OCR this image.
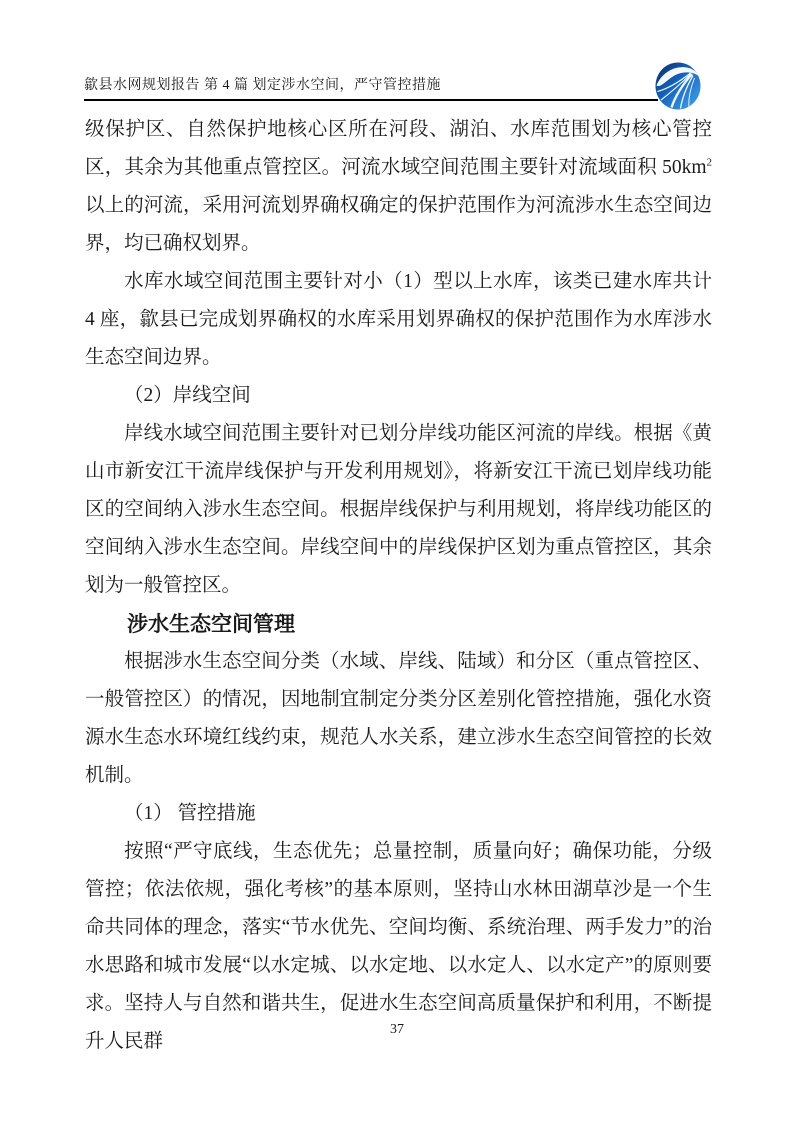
歙县水网规划报告 第 4 篇 划定涉水空间，严守管控措施

级保护区、自然保护地核心区所在河段、湖泊、水库范围划为核心管控区，其余为其他重点管控区。河流水域空间范围主要针对流域面积 $50km^2$以上的河流，采用河流划界确权确定的保护范围作为河流涉水生态空间边界，均已确权划界。

水库水域空间范围主要针对小（1）型以上水库，该类已建水库共计 4 座，歙县已完成划界确权的水库采用划界确权的保护范围作为水库涉水生态空间边界。

（2）岸线空间

岸线水域空间范围主要针对已划分岸线功能区河流的岸线。根据《黄山市新安江干流岸线保护与开发利用规划》，将新安江干流已划岸线功能区的空间纳入涉水生态空间。根据岸线保护与利用规划，将岸线功能区的空间纳入涉水生态空间。岸线空间中的岸线保护区划为重点管控区，其余划为一般管控区。

涉水生态空间管理

根据涉水生态空间分类（水域、岸线、陆域）和分区（重点管控区、一般管控区）的情况，因地制宜制定分类分区差别化管控措施，强化水资源水生态水环境红线约束，规范人水关系，建立涉水生态空间管控的长效机制。

（1） 管控措施

按照“严守底线，生态优先；总量控制，质量向好；确保功能，分级管控；依法依规，强化考核”的基本原则，坚持山水林田湖草沙是一个生命共同体的理念，落实“节水优先、空间均衡、系统治理、两手发力”的治水思路和城市发展“以水定城、以水定地、以水定人、以水定产”的原则要求。坚持人与自然和谐共生，促进水生态空间高质量保护和利用，不断提升人民群

37
